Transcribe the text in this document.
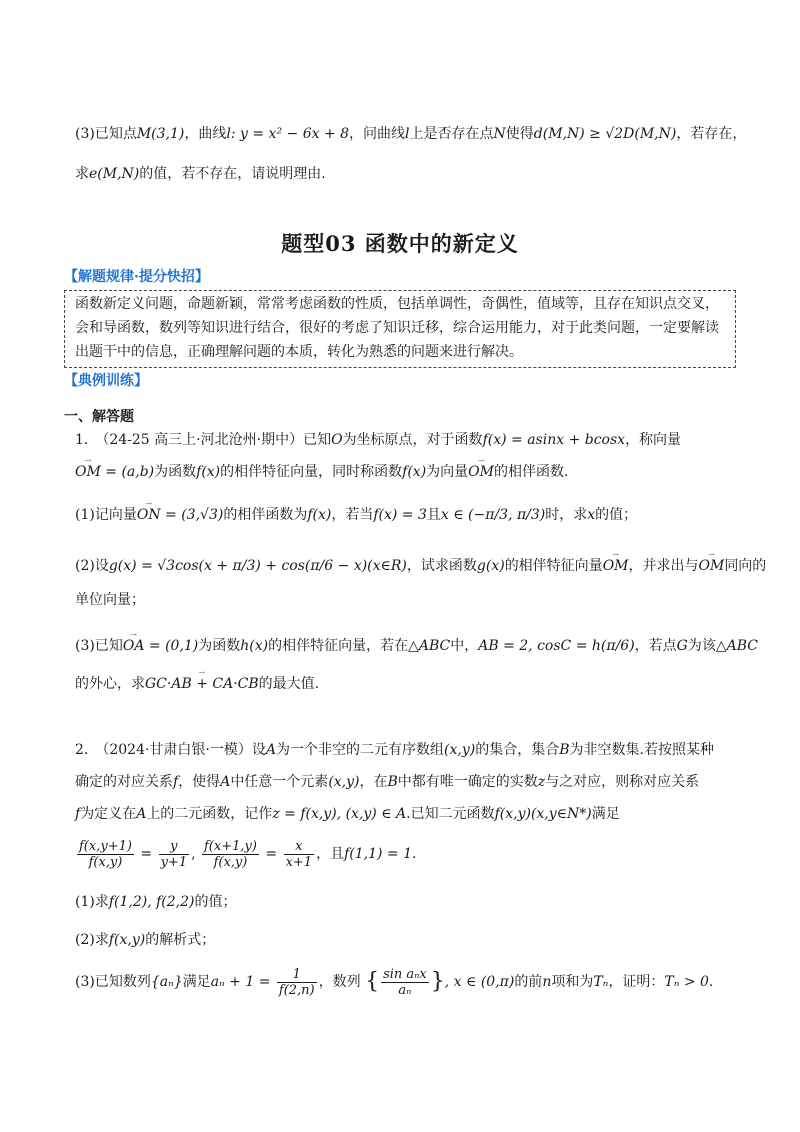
(3)已知点M(3,1)，曲线l: y = x² − 6x + 8，问曲线l上是否存在点N使得d(M,N) ≥ √2D(M,N)，若存在，
求e(M,N)的值，若不存在，请说明理由.
题型03 函数中的新定义
【解题规律·提分快招】
函数新定义问题，命题新颖，常常考虑函数的性质，包括单调性，奇偶性，值域等，且存在知识点交叉，
会和导函数，数列等知识进行结合，很好的考虑了知识迁移，综合运用能力，对于此类问题，一定要解读
出题干中的信息，正确理解问题的本质，转化为熟悉的问题来进行解决。
【典例训练】
一、解答题
1.　（24-25 高三上·河北沧州·期中）已知O为坐标原点，对于函数f(x) = asinx + bcosx，称向量
→ OM = (a,b)为函数f(x)的相伴特征向量，同时称函数f(x)为向量→ OM的相伴函数.
(1)记向量→ ON = (3,√3)的相伴函数为f(x)，若当f(x) = 3且x ∈ (−π/3, π/3)时，求x的值；
(2)设g(x) = √3cos(x + π/3) + cos(π/6 − x)(x∈R)，试求函数g(x)的相伴特征向量→ OM，并求出与→ OM同向的
单位向量；
(3)已知→ OA = (0,1)为函数h(x)的相伴特征向量，若在△ABC中，AB = 2, cosC = h(π/6)，若点G为该△ABC
的外心，求→ GC·AB + CA·CB的最大值.
2.　（2024·甘肃白银·一模）设A为一个非空的二元有序数组(x,y)的集合，集合B为非空数集.若按照某种
确定的对应关系f，使得A中任意一个元素(x,y)，在B中都有唯一确定的实数z与之对应，则称对应关系
f为定义在A上的二元函数，记作z = f(x,y), (x,y) ∈ A.已知二元函数f(x,y)(x,y∈N*)满足
$\frac{f(x,y+1)}{f(x,y)} = \frac{y}{y+1}$ , $\frac{f(x+1,y)}{f(x,y)} = \frac{x}{x+1}$ ，且f(1,1) = 1.
(1)求f(1,2), f(2,2)的值；
(2)求f(x,y)的解析式；
(3)已知数列{aₙ}满足$a_n + 1 = \frac{1}{f(2,n)}$ ，数列 { $\frac{\text{sin aₙx}}{\text{aₙ}}$ }, x ∈ (0,π)的前n项和为Tₙ，证明：Tₙ > 0.
